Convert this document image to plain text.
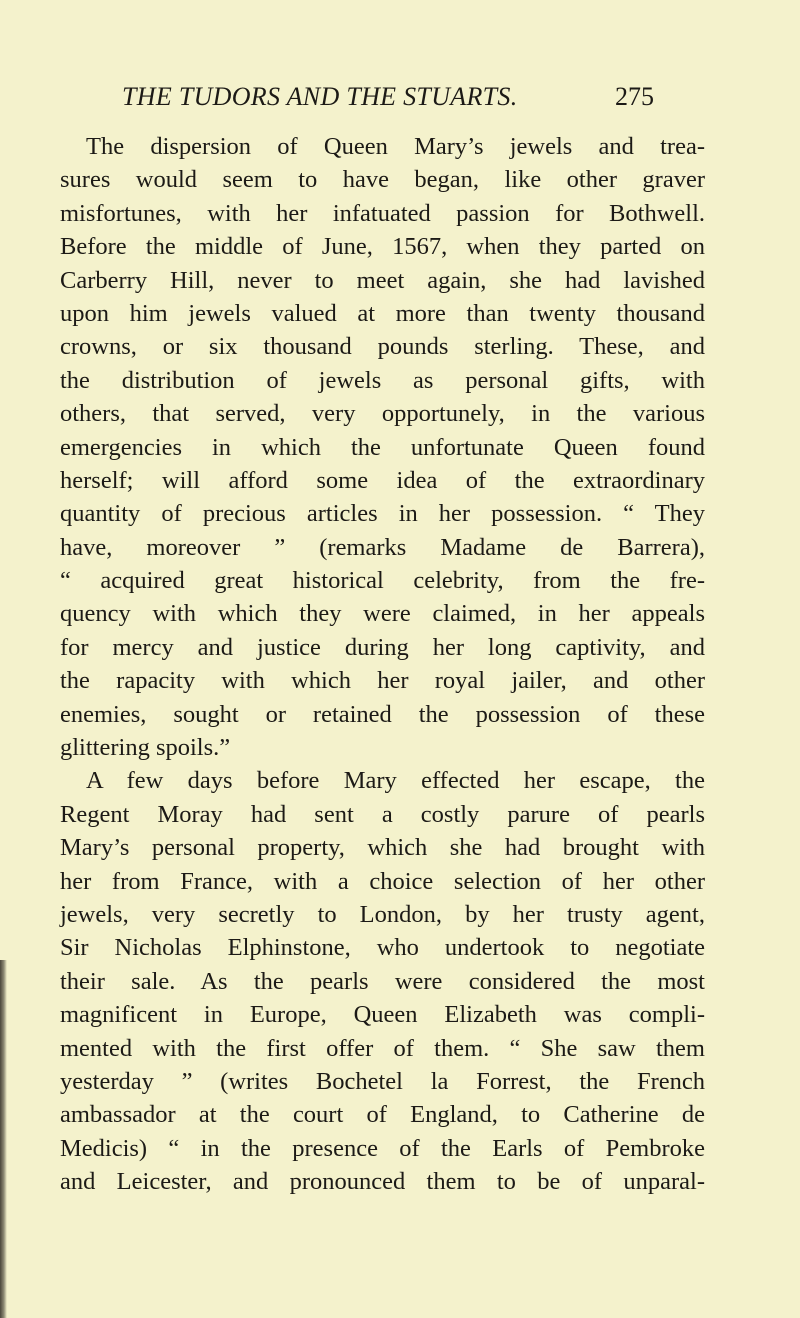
THE TUDORS AND THE STUARTS.	275
The dispersion of Queen Mary’s jewels and trea-
sures would seem to have began, like other graver
misfortunes, with her infatuated passion for Bothwell.
Before the middle of June, 1567, when they parted on
Carberry Hill, never to meet again, she had lavished
upon him jewels valued at more than twenty thousand
crowns, or six thousand pounds sterling. These, and
the distribution of jewels as personal gifts, with
others, that served, very opportunely, in the various
emergencies in which the unfortunate Queen found
herself; will afford some idea of the extraordinary
quantity of precious articles in her possession. “ They
have, moreover ” (remarks Madame de Barrera),
“ acquired great historical celebrity, from the fre-
quency with which they were claimed, in her appeals
for mercy and justice during her long captivity, and
the rapacity with which her royal jailer, and other
enemies, sought or retained the possession of these
glittering spoils.”
A few days before Mary effected her escape, the
Regent Moray had sent a costly parure of pearls
Mary’s personal property, which she had brought with
her from France, with a choice selection of her other
jewels, very secretly to London, by her trusty agent,
Sir Nicholas Elphinstone, who undertook to negotiate
their sale. As the pearls were considered the most
magnificent in Europe, Queen Elizabeth was compli-
mented with the first offer of them. “ She saw them
yesterday ” (writes Bochetel la Forrest, the French
ambassador at the court of England, to Catherine de
Medicis) “ in the presence of the Earls of Pembroke
and Leicester, and pronounced them to be of unparal-
